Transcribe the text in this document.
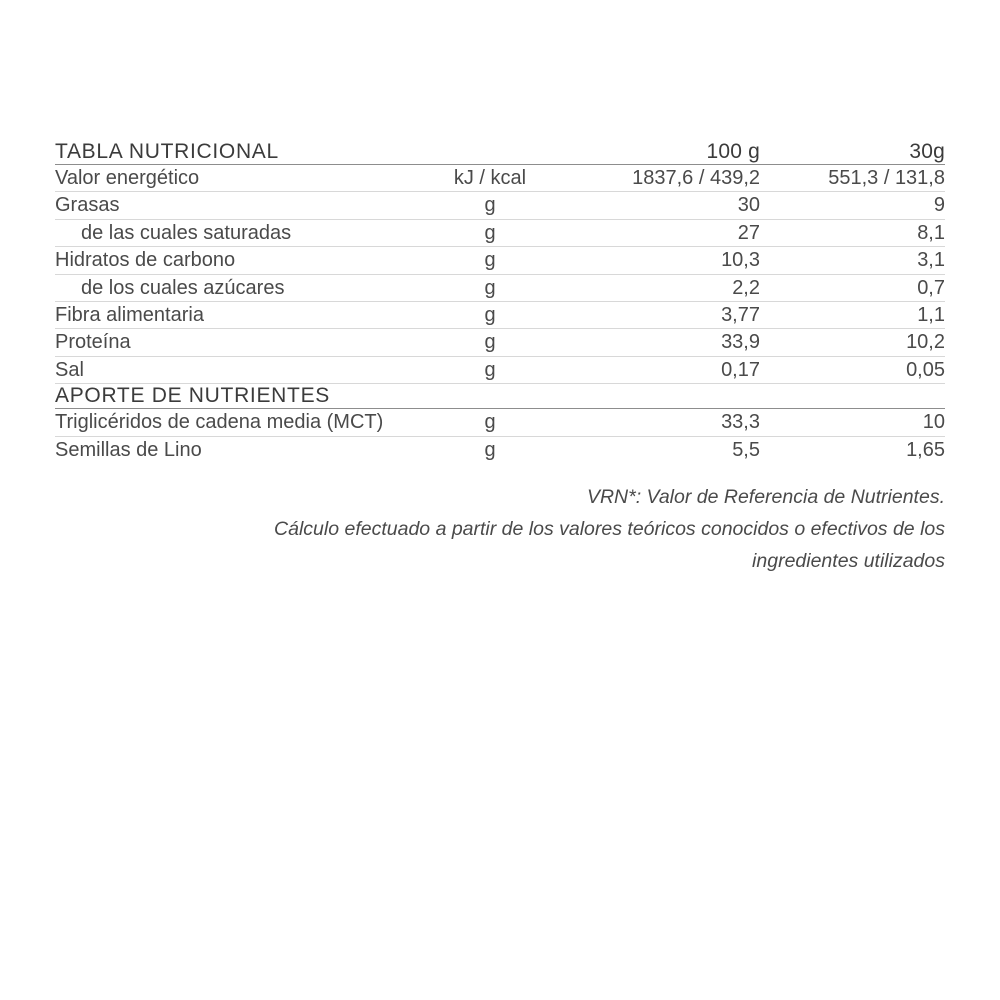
TABLA NUTRICIONAL		100 g	30g
Valor energético	kJ / kcal	1837,6 / 439,2	551,3 / 131,8
Grasas	g	30	9
de las cuales saturadas	g	27	8,1
Hidratos de carbono	g	10,3	3,1
de los cuales azúcares	g	2,2	0,7
Fibra alimentaria	g	3,77	1,1
Proteína	g	33,9	10,2
Sal	g	0,17	0,05
APORTE DE NUTRIENTES			
Triglicéridos de cadena media (MCT)	g	33,3	10
Semillas de Lino	g	5,5	1,65
VRN*: Valor de Referencia de Nutrientes.
Cálculo efectuado a partir de los valores teóricos conocidos o efectivos de los
ingredientes utilizados
